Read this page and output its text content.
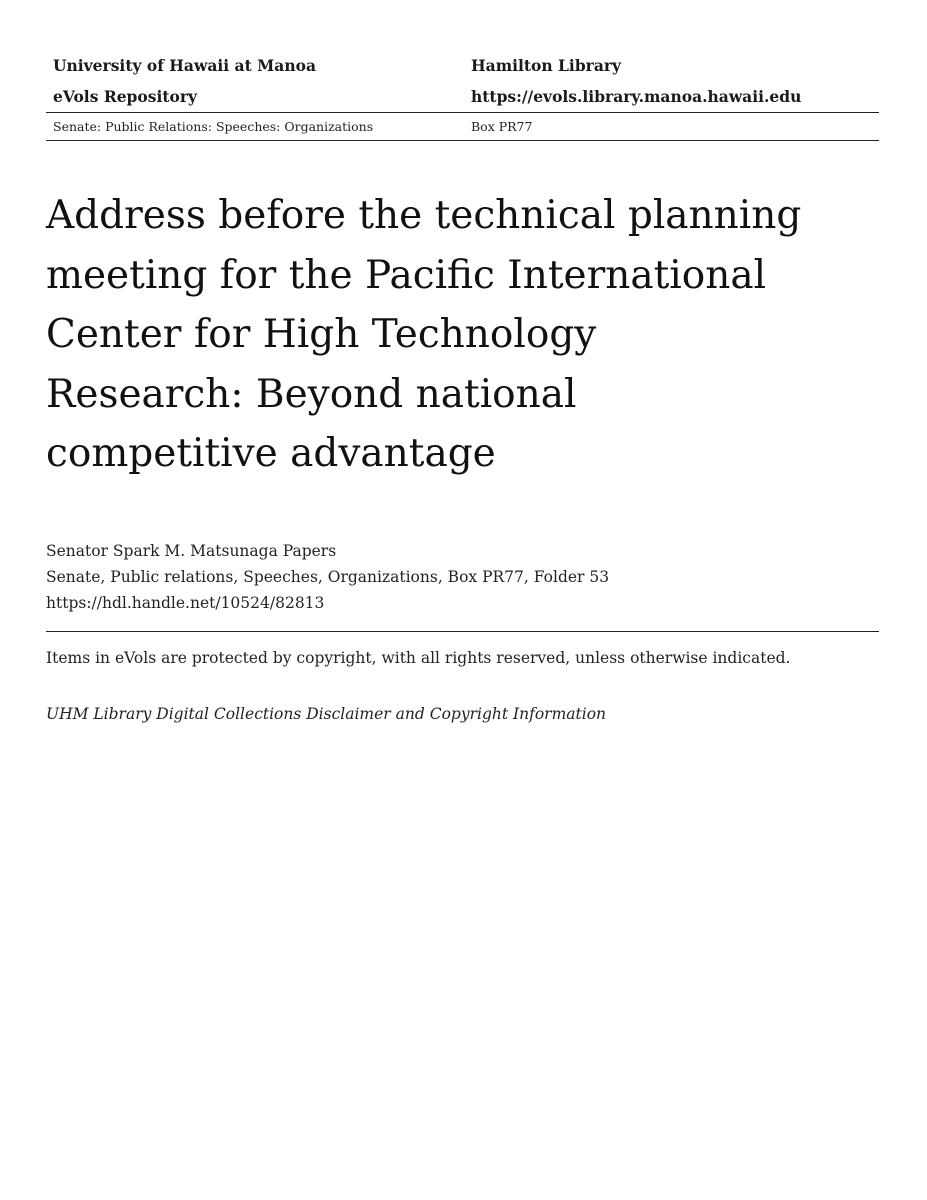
University of Hawaii at Manoa	Hamilton Library
eVols Repository	https://evols.library.manoa.hawaii.edu
Senate: Public Relations: Speeches: Organizations	Box PR77
Address before the technical planning meeting for the Pacific International Center for High Technology Research: Beyond national competitive advantage
Senator Spark M. Matsunaga Papers
Senate, Public relations, Speeches, Organizations, Box PR77, Folder 53
https://hdl.handle.net/10524/82813
Items in eVols are protected by copyright, with all rights reserved, unless otherwise indicated.
UHM Library Digital Collections Disclaimer and Copyright Information
